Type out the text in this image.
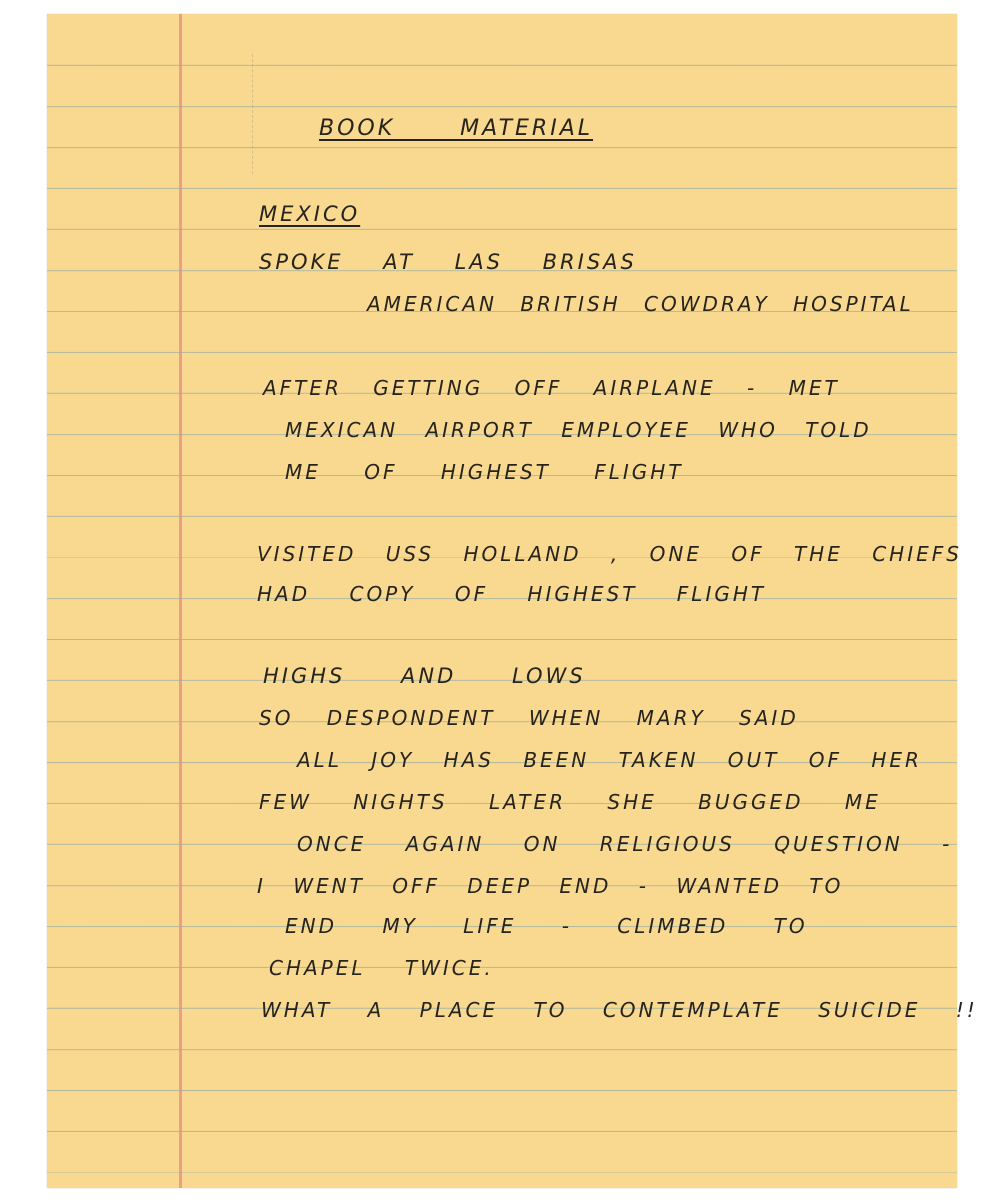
BOOK MATERIAL
MEXICO
SPOKE AT LAS BRISAS
AMERICAN BRITISH COWDRAY HOSPITAL
AFTER GETTING OFF AIRPLANE - MET
MEXICAN AIRPORT EMPLOYEE WHO TOLD
ME OF HIGHEST FLIGHT
VISITED USS HOLLAND , ONE OF THE CHIEFS
HAD COPY OF HIGHEST FLIGHT
HIGHS AND LOWS
SO DESPONDENT WHEN MARY SAID
ALL JOY HAS BEEN TAKEN OUT OF HER
FEW NIGHTS LATER SHE BUGGED ME
ONCE AGAIN ON RELIGIOUS QUESTION -
I WENT OFF DEEP END - WANTED TO
END MY LIFE - CLIMBED TO
CHAPEL TWICE.
WHAT A PLACE TO CONTEMPLATE SUICIDE !!
